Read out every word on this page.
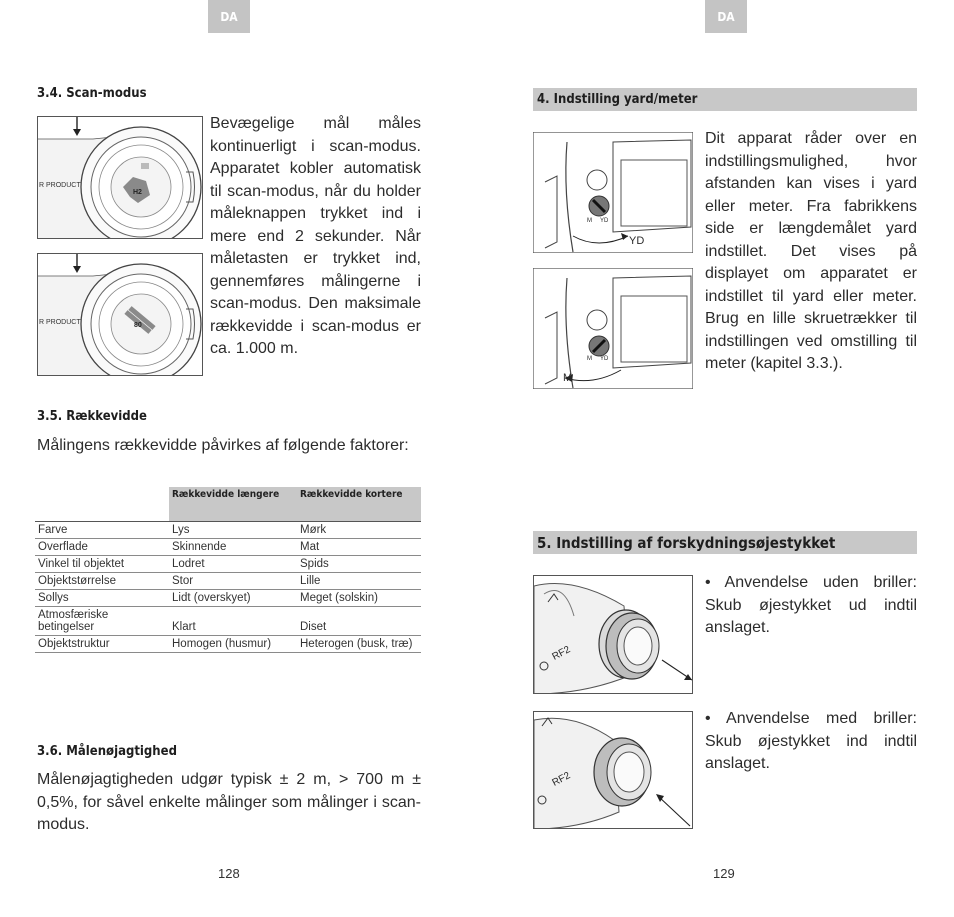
DA
3.4. Scan-modus
R PRODUCT
H2
R PRODUCT	80

Bevægelige mål måles kontinuerligt i scan-modus. Apparatet kobler automatisk til scan-modus, når du holder måleknappen trykket ind i mere end 2 sekunder. Når måletasten er trykket ind, gennemføres målingerne i scan-modus. Den maksimale rækkevidde i scan-modus er ca. 1.000 m.

3.5. Rækkevidde

Målingens rækkevidde påvirkes af følgende faktorer:

	Rækkevidde længere	Rækkevidde kortere
Farve	Lys	Mørk
Overflade	Skinnende	Mat
Vinkel til objektet	Lodret	Spids
Objektstørrelse	Stor	Lille
Sollys	Lidt (overskyet)	Meget (solskin)
Atmosfæriske betingelser	Klart	Diset
Objektstruktur	Homogen (husmur)	Heterogen (busk, træ)
3.6. Målenøjagtighed

Målenøjagtigheden udgør typisk ± 2 m, > 700 m ± 0,5%, for såvel enkelte målinger som målinger i scan-modus.

128
DA
4. Indstilling yard/meter
M YD
YD
M YD
M

Dit apparat råder over en indstillingsmulighed, hvor afstanden kan vises i yard eller meter. Fra fabrikkens side er længdemålet yard indstillet. Det vises på displayet om apparatet er indstillet til yard eller meter. Brug en lille skruetrækker til indstillingen ved omstilling til meter (kapitel 3.3.).

5. Indstilling af forskydningsøjestykket
RF2
RF2

• Anvendelse uden briller: Skub øjestykket ud indtil anslaget.

• Anvendelse med briller: Skub øjestykket ind indtil anslaget.

129
